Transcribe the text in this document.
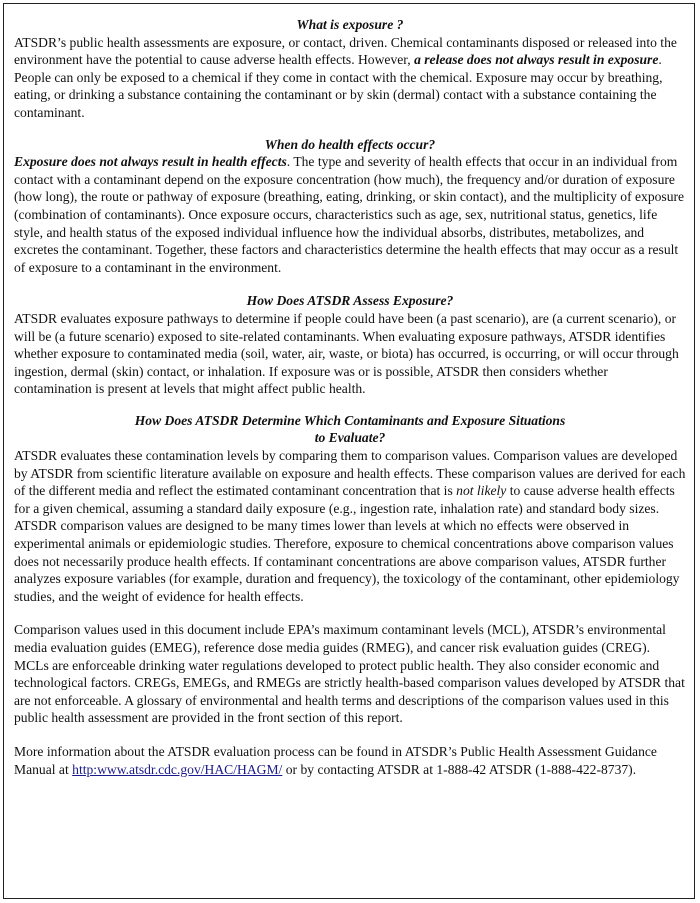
What is exposure ?

ATSDR’s public health assessments are exposure, or contact, driven. Chemical contaminants disposed or released into the environment have the potential to cause adverse health effects. However, a release does not always result in exposure. People can only be exposed to a chemical if they come in contact with the chemical. Exposure may occur by breathing, eating, or drinking a substance containing the contaminant or by skin (dermal) contact with a substance containing the contaminant.

When do health effects occur?

Exposure does not always result in health effects. The type and severity of health effects that occur in an individual from contact with a contaminant depend on the exposure concentration (how much), the frequency and/or duration of exposure (how long), the route or pathway of exposure (breathing, eating, drinking, or skin contact), and the multiplicity of exposure (combination of contaminants). Once exposure occurs, characteristics such as age, sex, nutritional status, genetics, life style, and health status of the exposed individual influence how the individual absorbs, distributes, metabolizes, and excretes the contaminant. Together, these factors and characteristics determine the health effects that may occur as a result of exposure to a contaminant in the environment.

How Does ATSDR Assess Exposure?

ATSDR evaluates exposure pathways to determine if people could have been (a past scenario), are (a current scenario), or will be (a future scenario) exposed to site-related contaminants. When evaluating exposure pathways, ATSDR identifies whether exposure to contaminated media (soil, water, air, waste, or biota) has occurred, is occurring, or will occur through ingestion, dermal (skin) contact, or inhalation. If exposure was or is possible, ATSDR then considers whether contamination is present at levels that might affect public health.

How Does ATSDR Determine Which Contaminants and Exposure Situations
to Evaluate?

ATSDR evaluates these contamination levels by comparing them to comparison values. Comparison values are developed by ATSDR from scientific literature available on exposure and health effects. These comparison values are derived for each of the different media and reflect the estimated contaminant concentration that is not likely to cause adverse health effects for a given chemical, assuming a standard daily exposure (e.g., ingestion rate, inhalation rate) and standard body sizes. ATSDR comparison values are designed to be many times lower than levels at which no effects were observed in experimental animals or epidemiologic studies. Therefore, exposure to chemical concentrations above comparison values does not necessarily produce health effects. If contaminant concentrations are above comparison values, ATSDR further analyzes exposure variables (for example, duration and frequency), the toxicology of the contaminant, other epidemiology studies, and the weight of evidence for health effects.

Comparison values used in this document include EPA’s maximum contaminant levels (MCL), ATSDR’s environmental media evaluation guides (EMEG), reference dose media guides (RMEG), and cancer risk evaluation guides (CREG). MCLs are enforceable drinking water regulations developed to protect public health. They also consider economic and technological factors. CREGs, EMEGs, and RMEGs are strictly health-based comparison values developed by ATSDR that are not enforceable. A glossary of environmental and health terms and descriptions of the comparison values used in this public health assessment are provided in the front section of this report.

More information about the ATSDR evaluation process can be found in ATSDR’s Public Health Assessment Guidance Manual at http:www.atsdr.cdc.gov/HAC/HAGM/ or by contacting ATSDR at 1-888-42 ATSDR (1-888-422-8737).
